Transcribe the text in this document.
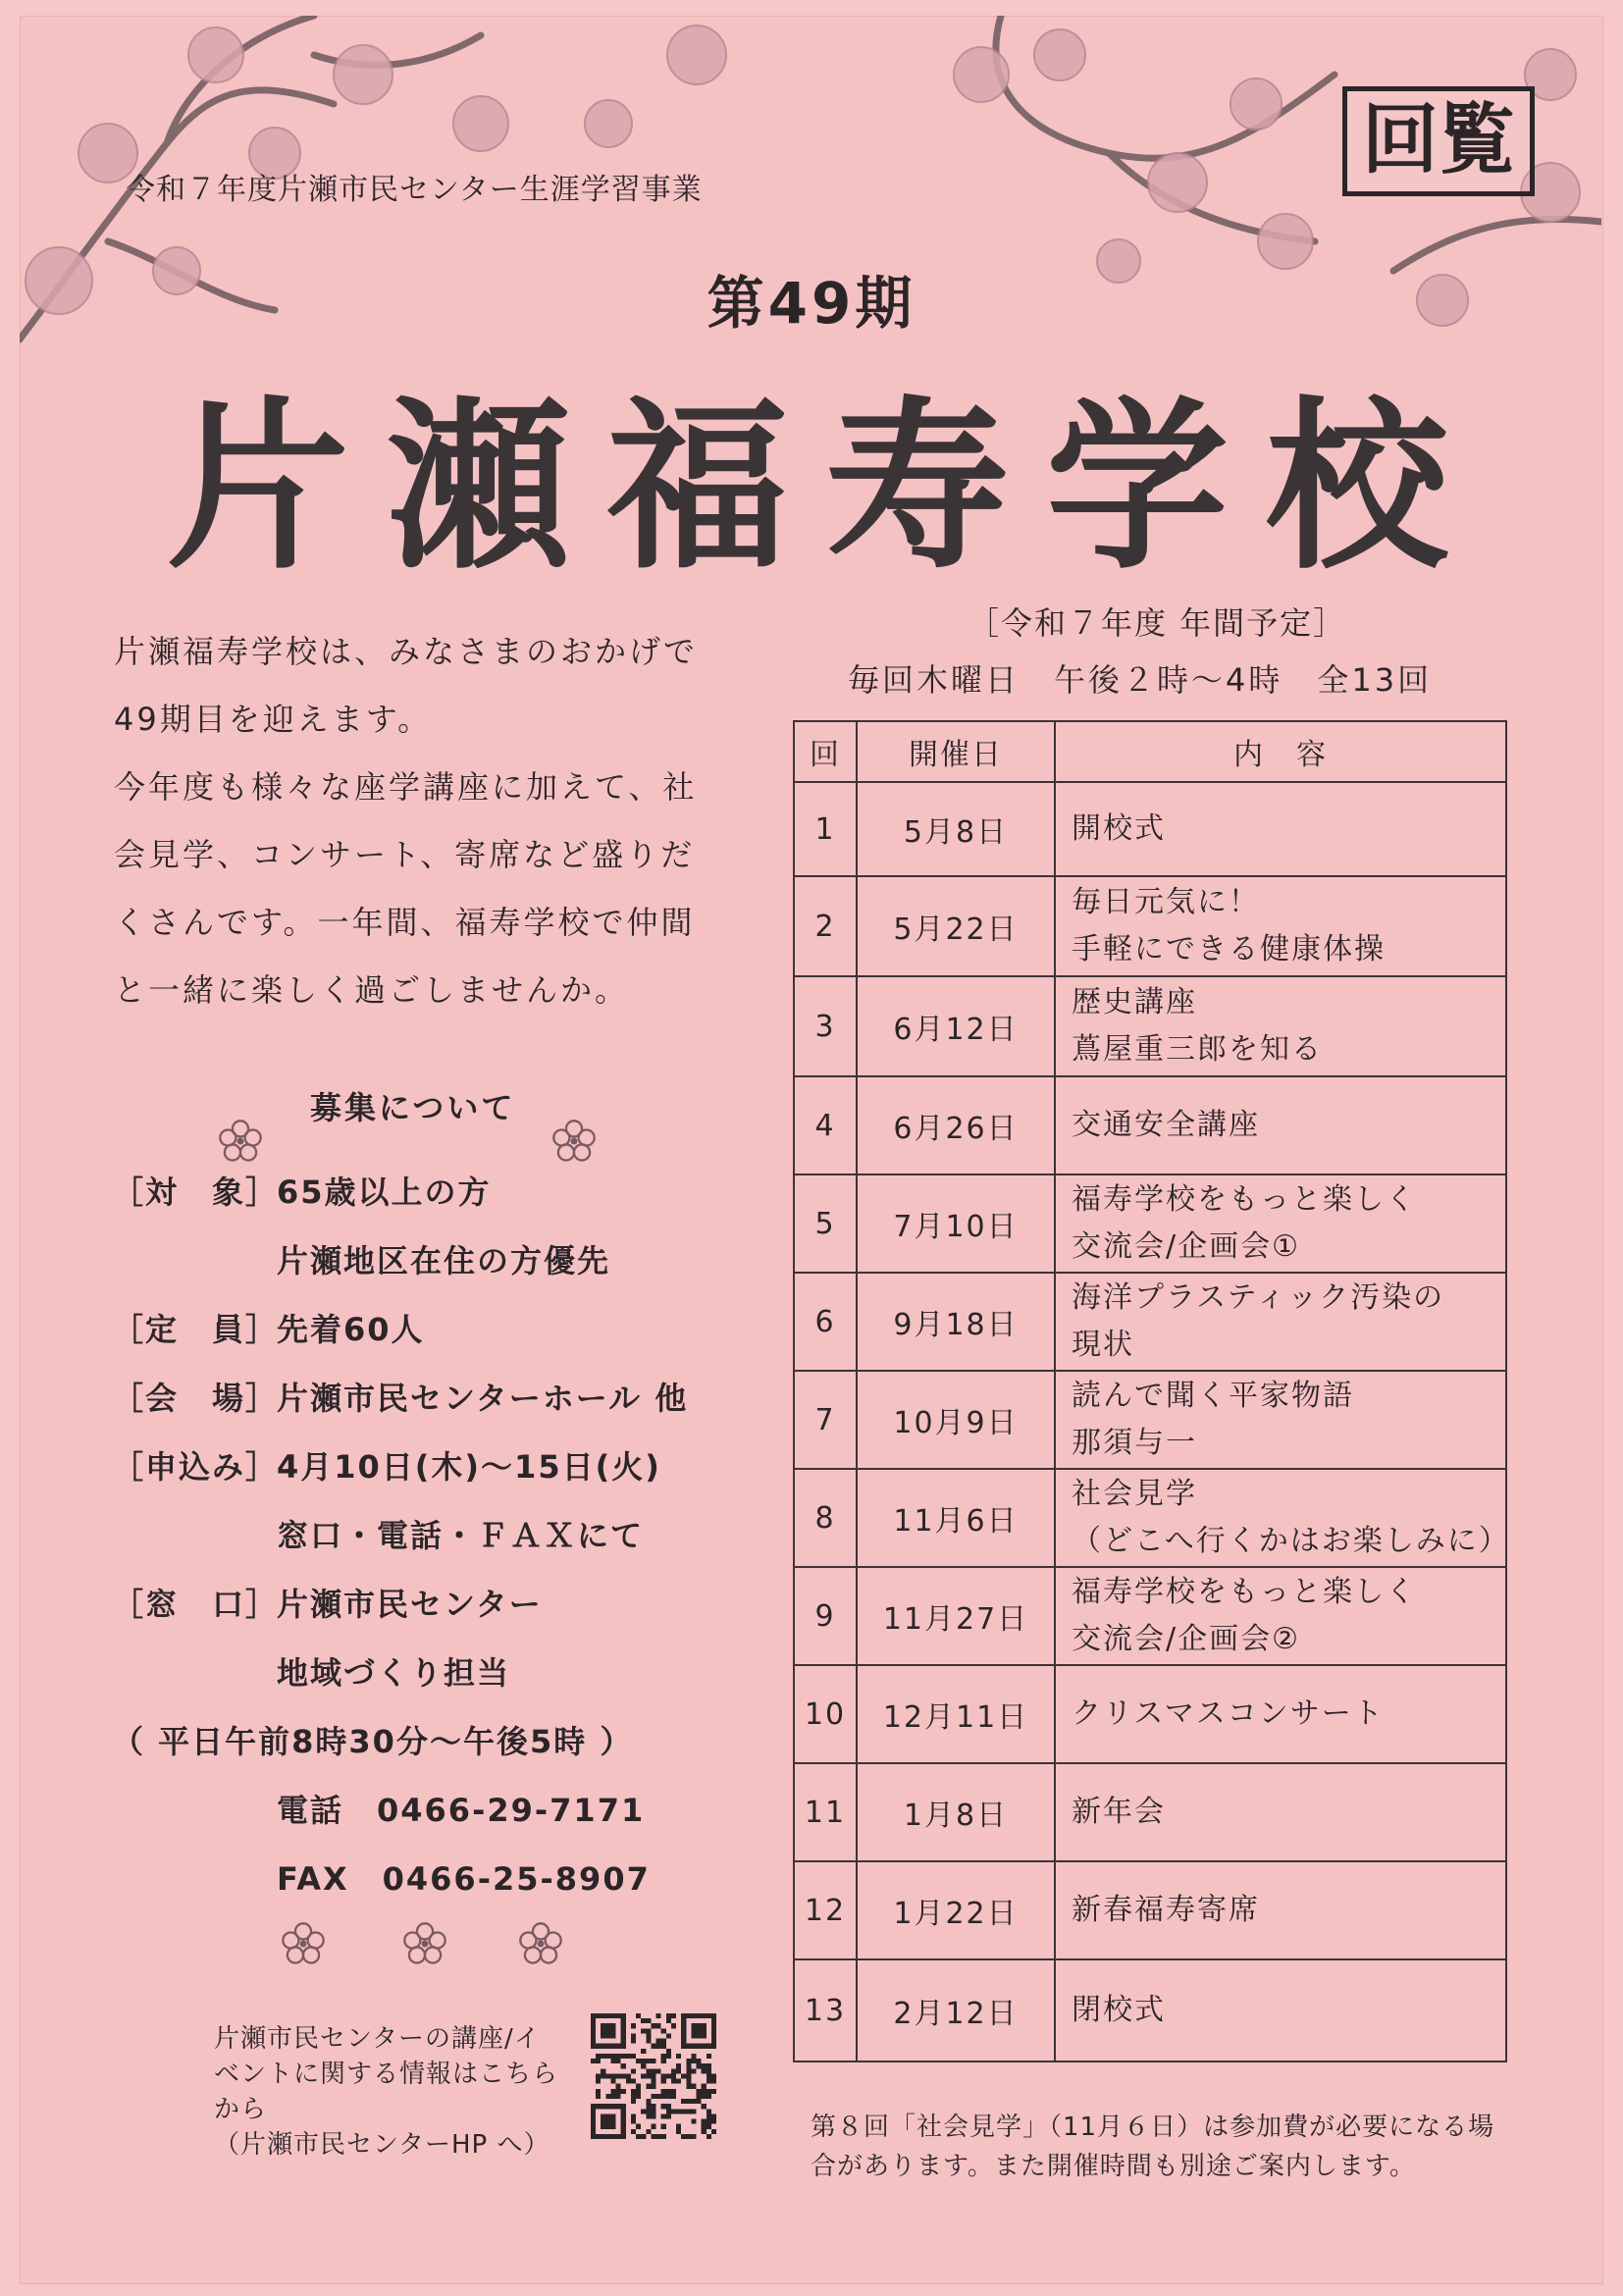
回覧
令和７年度片瀬市民センター生涯学習事業
第49期
片瀬福寿学校

片瀬福寿学校は、みなさまのおかげで

49期目を迎えます。

今年度も様々な座学講座に加えて、社

会見学、コンサート、寄席など盛りだ

くさんです。一年間、福寿学校で仲間

と一緒に楽しく過ごしませんか。

募集について
［対　象］65歳以上の方
片瀬地区在住の方優先
［定　員］先着60人
［会　場］片瀬市民センターホール 他
［申込み］4月10日(木)～15日(火)
窓口・電話・ＦＡＸにて
［窓　口］片瀬市民センター
地域づくり担当
（ 平日午前8時30分～午後5時 ）
電話　0466-29-7171
FAX　0466-25-8907
片瀬市民センターの講座/イ
ベントに関する情報はこちら
から
（片瀬市民センターHP へ）
［令和７年度 年間予定］
毎回木曜日　午後２時～4時　全13回
回	開催日	内　容
1	5月8日	開校式

2	5月22日	毎日元気に！
手軽にできる健康体操

3	6月12日	歴史講座
蔦屋重三郎を知る

4	6月26日	交通安全講座

5	7月10日	福寿学校をもっと楽しく
交流会/企画会①

6	9月18日	海洋プラスティック汚染の
現状

7	10月9日	読んで聞く平家物語
那須与一

8	11月6日	社会見学
（どこへ行くかはお楽しみに）

9	11月27日	福寿学校をもっと楽しく
交流会/企画会②

10	12月11日	クリスマスコンサート

11	1月8日	新年会

12	1月22日	新春福寿寄席

13	2月12日	閉校式
第８回「社会見学」（11月６日）は参加費が必要になる場
合があります。また開催時間も別途ご案内します。
